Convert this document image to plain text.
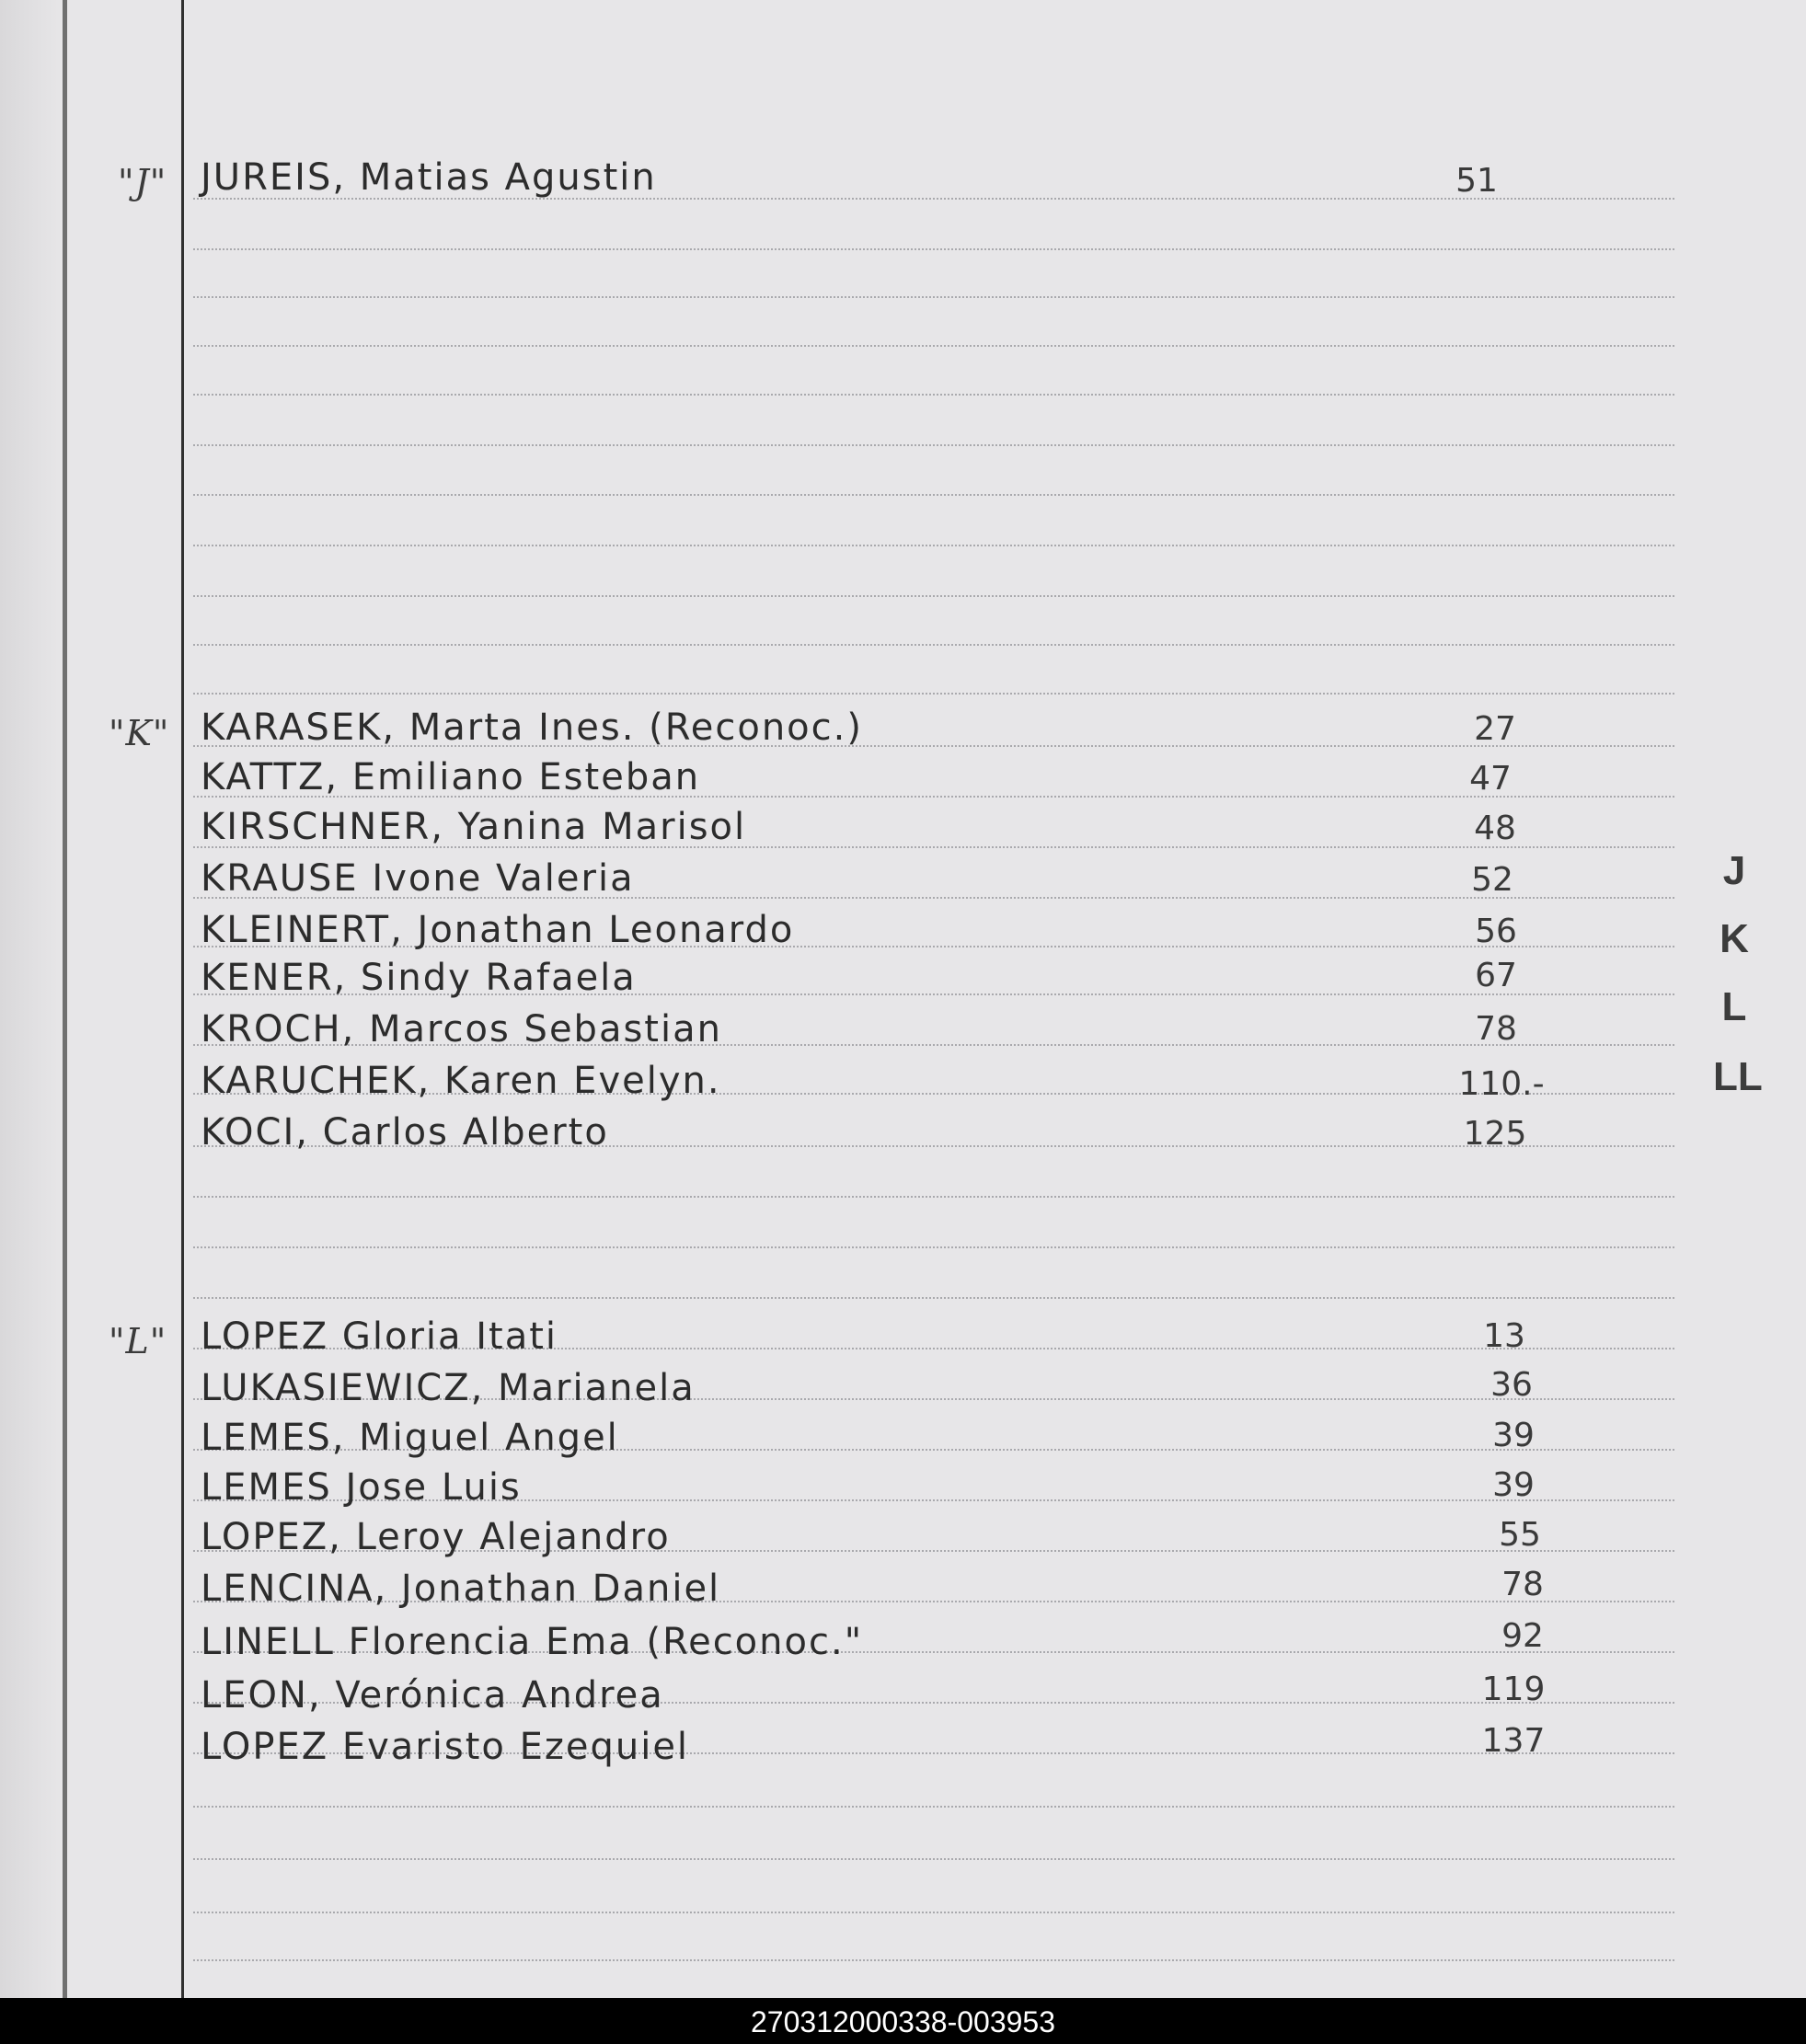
"J" JUREIS, Matias Agustin	51
"K" KARASEK, Marta Ines. (Reconoc.)	27
KATTZ, Emiliano Esteban	47
KIRSCHNER, Yanina Marisol	48
KRAUSE Ivone Valeria	52
KLEINERT, Jonathan Leonardo	56
KENER, Sindy Rafaela	67
KROCH, Marcos Sebastian	78
KARUCHEK, Karen Evelyn.	110.-
KOCI, Carlos Alberto	125
"L" LOPEZ Gloria Itati	13
LUKASIEWICZ, Marianela	36
LEMES, Miguel Angel	39
LEMES Jose Luis	39
LOPEZ, Leroy Alejandro	55
LENCINA, Jonathan Daniel	78
LINELL Florencia Ema (Reconoc."	92
LEON, Verónica Andrea	119
LOPEZ Evaristo Ezequiel	137
J
K
L
LL
270312000338-003953
